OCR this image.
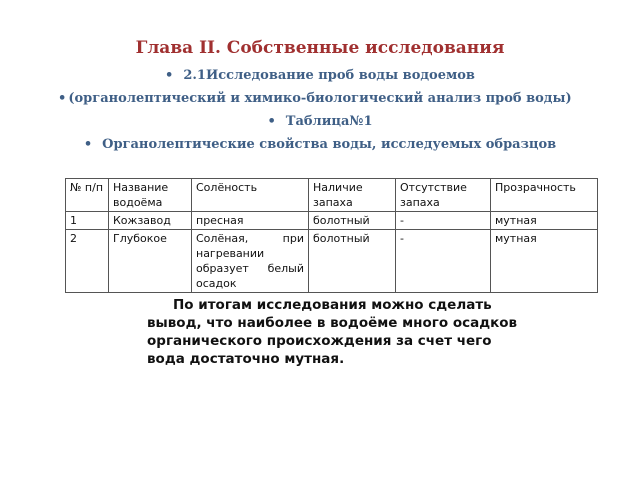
Глава II. Собственные исследования
• 2.1Исследование проб воды водоемов
• (органолептический и химико-биологический анализ проб воды)
• Таблица№1
• Органолептические свойства воды, исследуемых образцов
№ п/п	Название водоёма	Солёность	Наличие запаха	Отсутствие запаха	Прозрачность
1	Кожзавод	пресная	болотный	-	мутная
2	Глубокое	Солёная, при нагревании образует белый осадок	болотный	-	мутная
По итогам исследования можно сделать вывод, что наиболее в водоёме много осадков органического происхождения за счет чего вода достаточно мутная.
